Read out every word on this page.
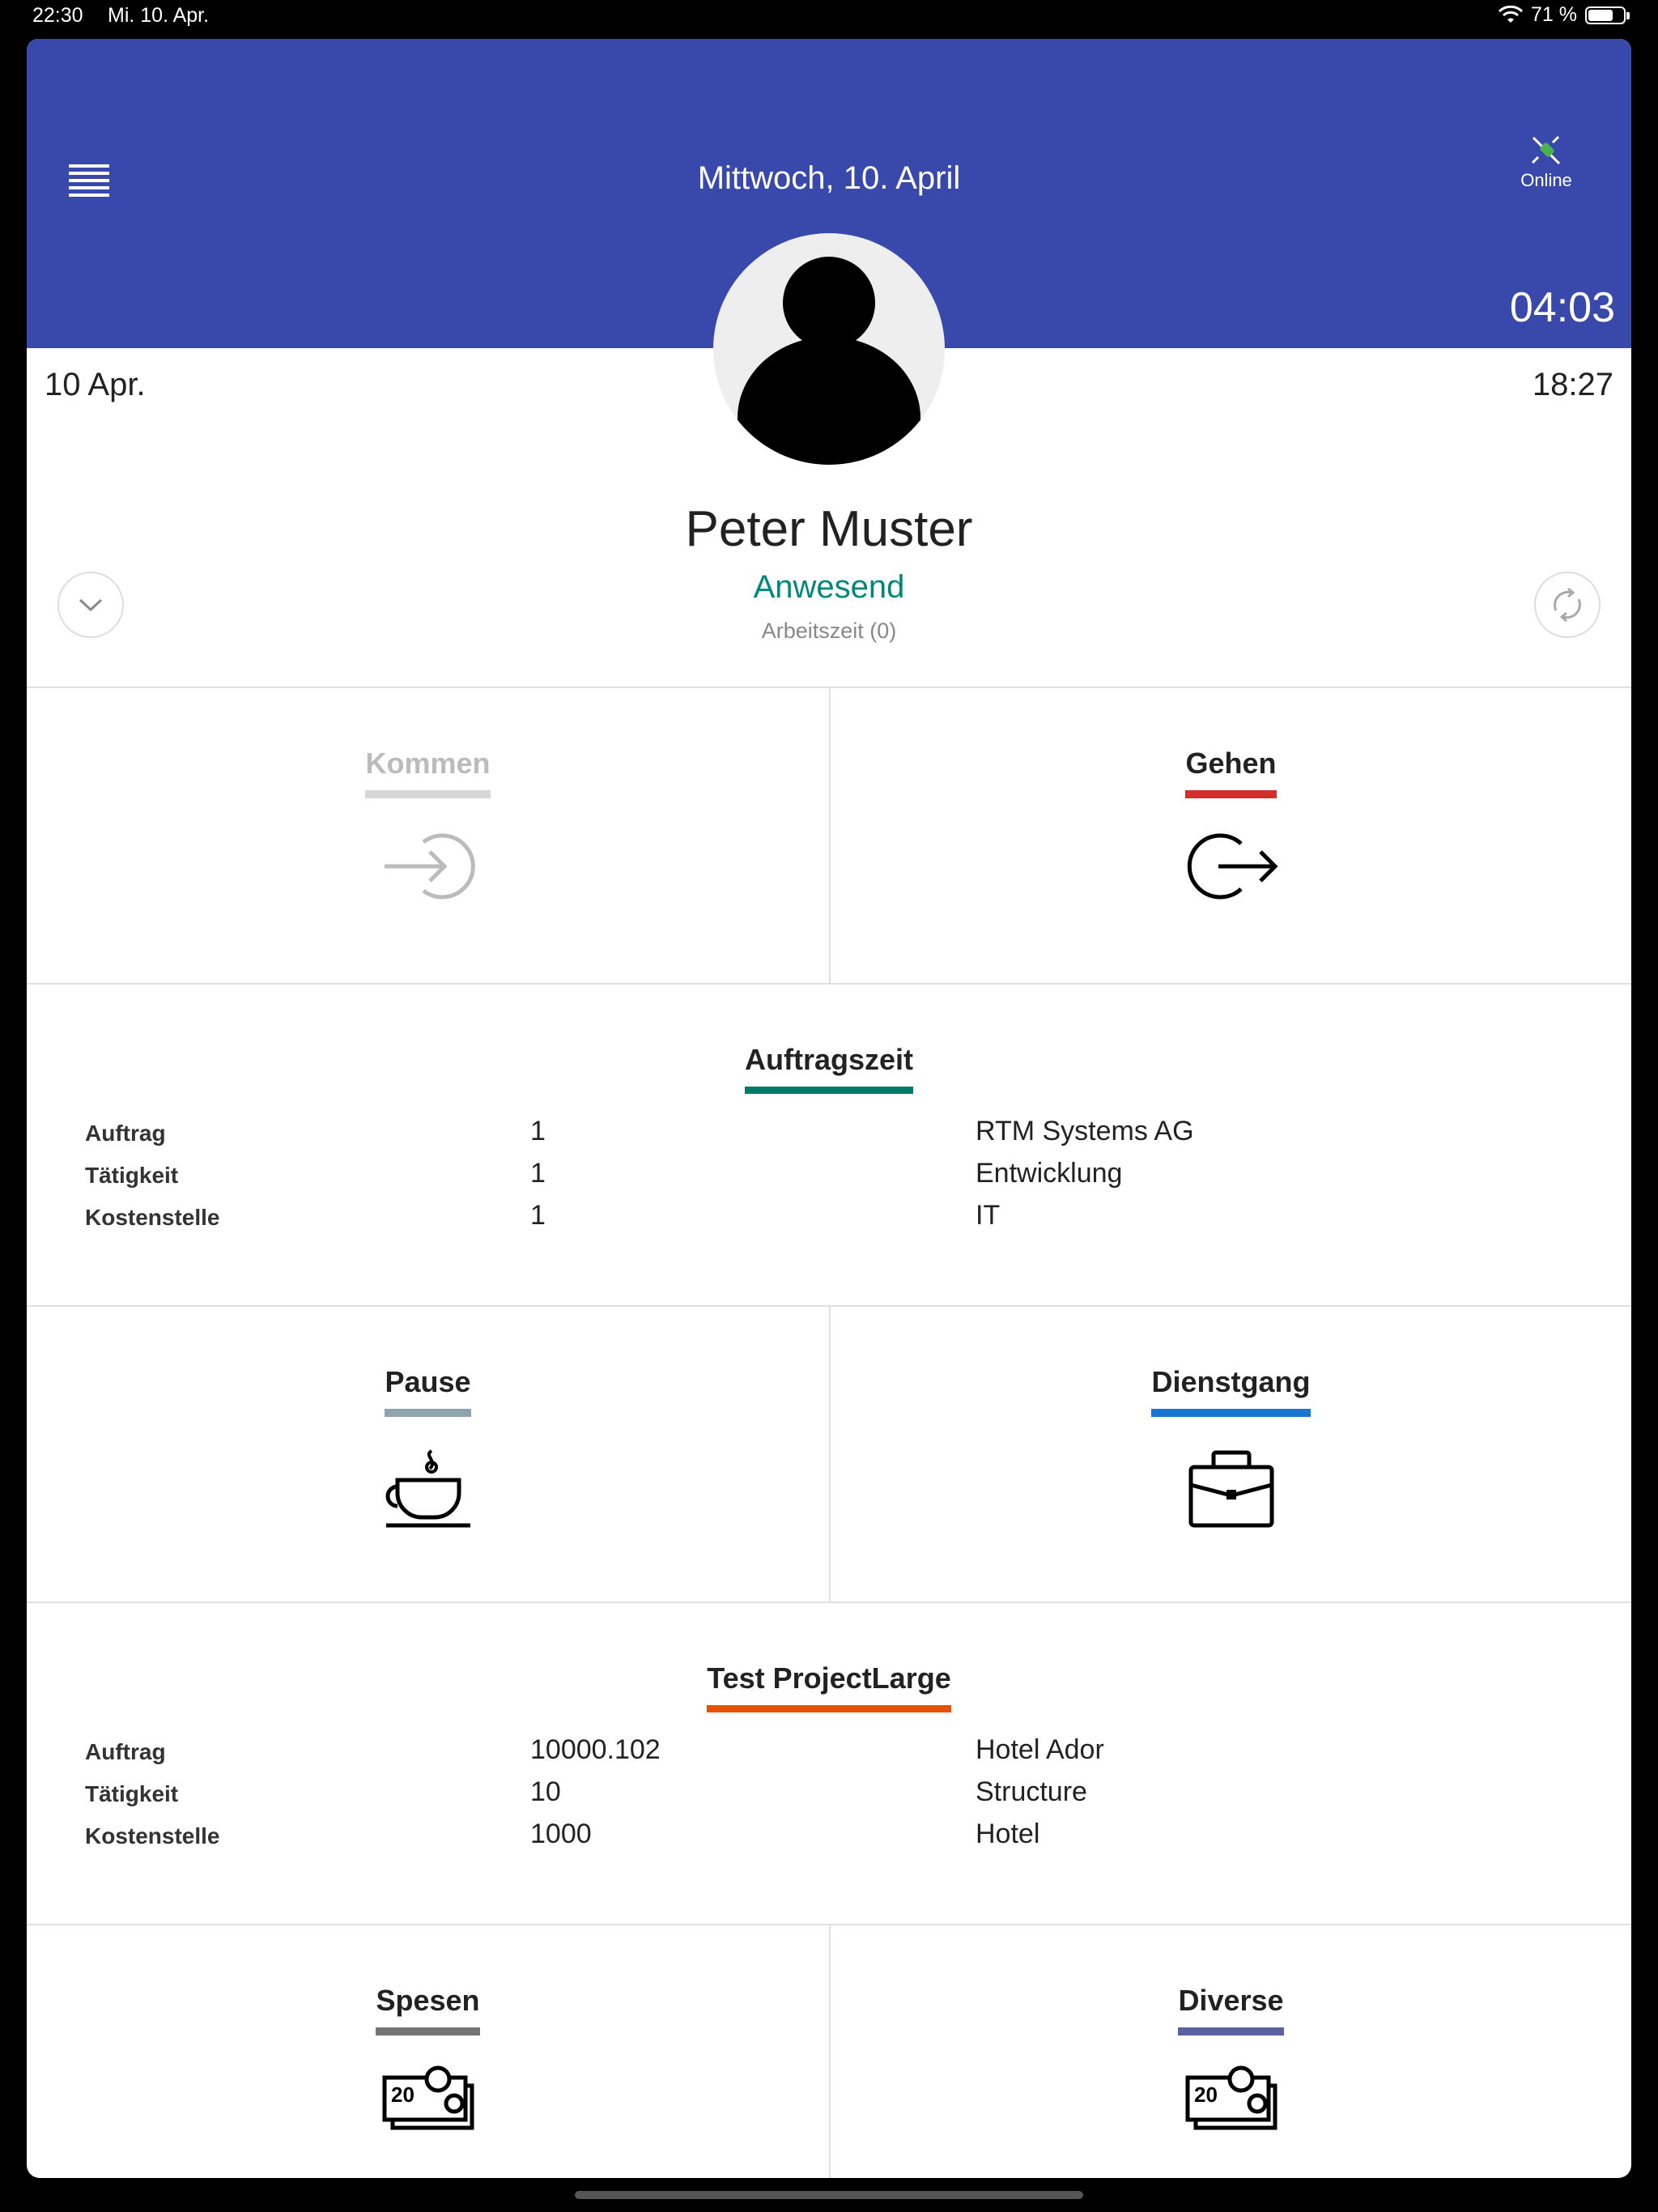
22:30 Mi. 10. Apr.	71 %
Mittwoch, 10. April	Online
04:03
10 Apr.	18:27
Peter Muster
Anwesend
Arbeitszeit (0)
Kommen	Gehen
Auftragszeit
Auftrag	1	RTM Systems AG
Tätigkeit	1	Entwicklung
Kostenstelle	1	IT
Pause	Dienstgang
Test ProjectLarge
Auftrag	10000.102	Hotel Ador
Tätigkeit	10	Structure
Kostenstelle	1000	Hotel
Spesen
20
Diverse
20
